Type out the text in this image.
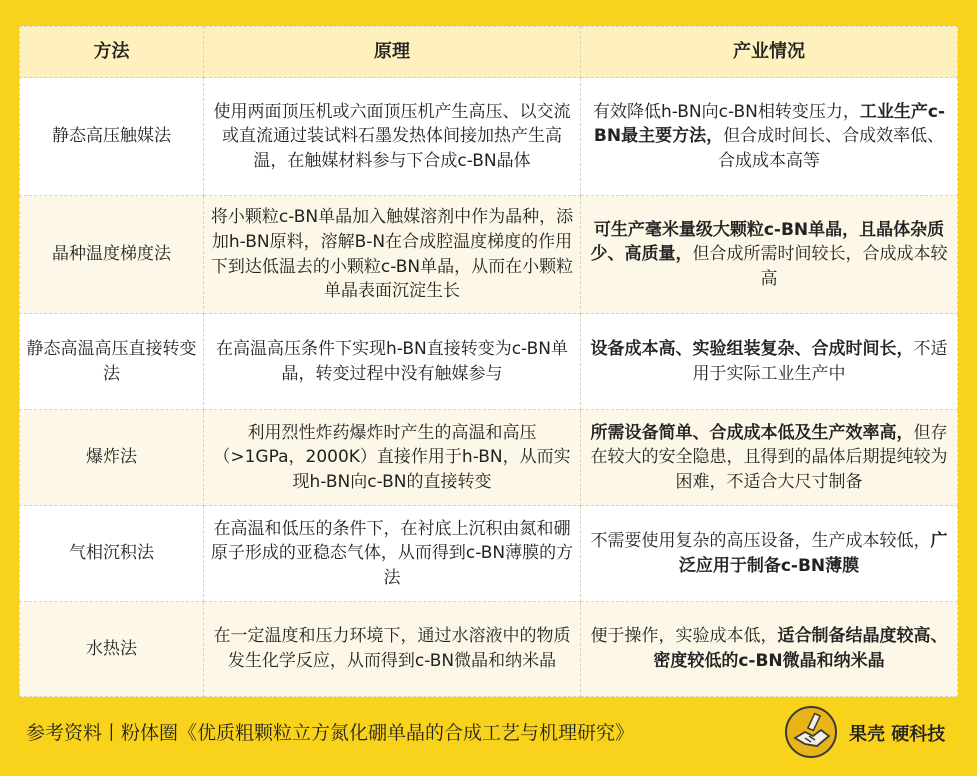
方法	原理	产业情况
静态高压触媒法	使用两面顶压机或六面顶压机产生高压、以交流或直流通过装试料石墨发热体间接加热产生高温，在触媒材料参与下合成c-BN晶体	有效降低h-BN向c-BN相转变压力，工业生产c-BN最主要方法，但合成时间长、合成效率低、合成成本高等
晶种温度梯度法	将小颗粒c-BN单晶加入触媒溶剂中作为晶种，添加h-BN原料，溶解B-N在合成腔温度梯度的作用下到达低温去的小颗粒c-BN单晶，从而在小颗粒单晶表面沉淀生长	可生产毫米量级大颗粒c-BN单晶，且晶体杂质少、高质量，但合成所需时间较长，合成成本较高
静态高温高压直接转变法	在高温高压条件下实现h-BN直接转变为c-BN单晶，转变过程中没有触媒参与	设备成本高、实验组装复杂、合成时间长，不适用于实际工业生产中
爆炸法	利用烈性炸药爆炸时产生的高温和高压（>1GPa，2000K）直接作用于h-BN，从而实现h-BN向c-BN的直接转变	所需设备简单、合成成本低及生产效率高，但存在较大的安全隐患，且得到的晶体后期提纯较为困难，不适合大尺寸制备
气相沉积法	在高温和低压的条件下，在衬底上沉积由氮和硼原子形成的亚稳态气体，从而得到c-BN薄膜的方法	不需要使用复杂的高压设备，生产成本较低，广泛应用于制备c-BN薄膜
水热法	在一定温度和压力环境下，通过水溶液中的物质发生化学反应，从而得到c-BN微晶和纳米晶	便于操作，实验成本低，适合制备结晶度较高、密度较低的c-BN微晶和纳米晶
参考资料丨粉体圈《优质粗颗粒立方氮化硼单晶的合成工艺与机理研究》	果壳 硬科技
